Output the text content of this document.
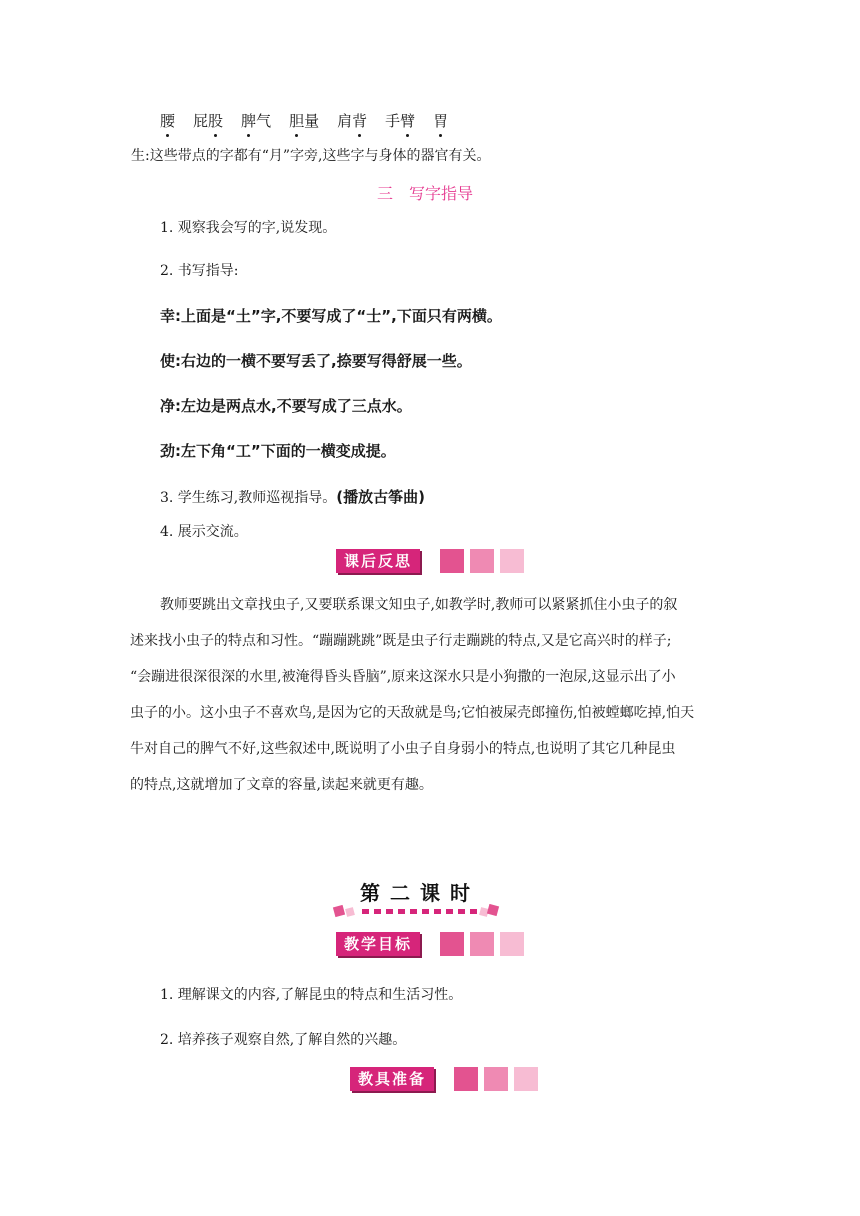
腰 屁股 脾气 胆量 肩背 手臂 胃
生:这些带点的字都有“月”字旁,这些字与身体的器官有关。
三　写字指导
1. 观察我会写的字,说发现。
2. 书写指导:
幸:上面是“土”字,不要写成了“士”,下面只有两横。
使:右边的一横不要写丢了,捺要写得舒展一些。
净:左边是两点水,不要写成了三点水。
劲:左下角“工”下面的一横变成提。
3. 学生练习,教师巡视指导。(播放古筝曲)
4. 展示交流。
课后反思
教师要跳出文章找虫子,又要联系课文知虫子,如教学时,教师可以紧紧抓住小虫子的叙
述来找小虫子的特点和习性。“蹦蹦跳跳”既是虫子行走蹦跳的特点,又是它高兴时的样子;
“会蹦进很深很深的水里,被淹得昏头昏脑”,原来这深水只是小狗撒的一泡尿,这显示出了小
虫子的小。这小虫子不喜欢鸟,是因为它的天敌就是鸟;它怕被屎壳郎撞伤,怕被螳螂吃掉,怕天
牛对自己的脾气不好,这些叙述中,既说明了小虫子自身弱小的特点,也说明了其它几种昆虫
的特点,这就增加了文章的容量,读起来就更有趣。
第二课时
教学目标
1. 理解课文的内容,了解昆虫的特点和生活习性。
2. 培养孩子观察自然,了解自然的兴趣。
教具准备
